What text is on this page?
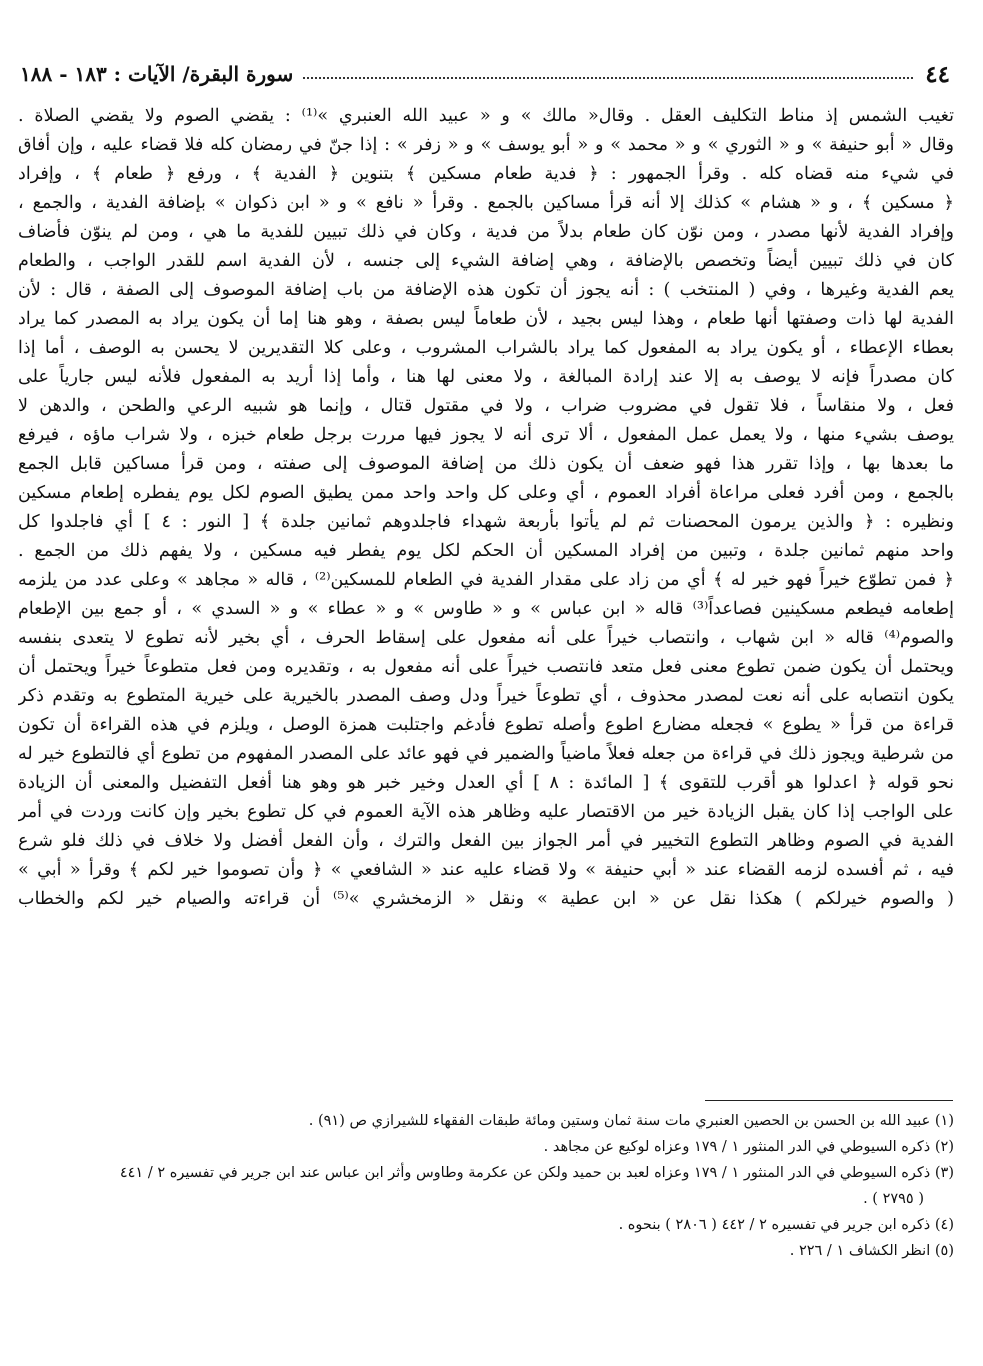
٤٤
سورة البقرة/ الآيات : ١٨٣ - ١٨٨
تغيب الشمس إذ مناط التكليف العقل . وقال« مالك » و « عبيد الله العنبري »⁽¹⁾ : يقضي الصوم ولا يقضي الصلاة .
وقال « أبو حنيفة » و « الثوري » و « محمد » و « أبو يوسف » و « زفر » : إذا جنّ في رمضان كله فلا قضاء عليه ، وإن أفاق
في شيء منه قضاه كله . وقرأ الجمهور : ﴿ فدية طعام مسكين ﴾ بتنوين ﴿ الفدية ﴾ ، ورفع ﴿ طعام ﴾ ، وإفراد
﴿ مسكين ﴾ ، و « هشام » كذلك إلا أنه قرأ مساكين بالجمع . وقرأ « نافع » و « ابن ذكوان » بإضافة الفدية ، والجمع ،
وإفراد الفدية لأنها مصدر ، ومن نوّن كان طعام بدلاً من فدية ، وكان في ذلك تبيين للفدية ما هي ، ومن لم ينوّن فأضاف
كان في ذلك تبيين أيضاً وتخصص بالإضافة ، وهي إضافة الشيء إلى جنسه ، لأن الفدية اسم للقدر الواجب ، والطعام
يعم الفدية وغيرها ، وفي ( المنتخب ) : أنه يجوز أن تكون هذه الإضافة من باب إضافة الموصوف إلى الصفة ، قال : لأن
الفدية لها ذات وصفتها أنها طعام ، وهذا ليس بجيد ، لأن طعاماً ليس بصفة ، وهو هنا إما أن يكون يراد به المصدر كما يراد
بعطاء الإعطاء ، أو يكون يراد به المفعول كما يراد بالشراب المشروب ، وعلى كلا التقديرين لا يحسن به الوصف ، أما إذا
كان مصدراً فإنه لا يوصف به إلا عند إرادة المبالغة ، ولا معنى لها هنا ، وأما إذا أريد به المفعول فلأنه ليس جارياً على
فعل ، ولا منقاساً ، فلا تقول في مضروب ضراب ، ولا في مقتول قتال ، وإنما هو شبيه الرعي والطحن ، والدهن لا
يوصف بشيء منها ، ولا يعمل عمل المفعول ، ألا ترى أنه لا يجوز فيها مررت برجل طعام خبزه ، ولا شراب ماؤه ، فيرفع
ما بعدها بها ، وإذا تقرر هذا فهو ضعف أن يكون ذلك من إضافة الموصوف إلى صفته ، ومن قرأ مساكين قابل الجمع
بالجمع ، ومن أفرد فعلى مراعاة أفراد العموم ، أي وعلى كل واحد واحد ممن يطيق الصوم لكل يوم يفطره إطعام مسكين
ونظيره : ﴿ والذين يرمون المحصنات ثم لم يأتوا بأربعة شهداء فاجلدوهم ثمانين جلدة ﴾ [ النور : ٤ ] أي فاجلدوا كل
واحد منهم ثمانين جلدة ، وتبين من إفراد المسكين أن الحكم لكل يوم يفطر فيه مسكين ، ولا يفهم ذلك من الجمع .
﴿ فمن تطوّع خيراً فهو خير له ﴾ أي من زاد على مقدار الفدية في الطعام للمسكين⁽²⁾ ، قاله « مجاهد » وعلى عدد من يلزمه
إطعامه فيطعم مسكينين فصاعداً⁽³⁾ قاله « ابن عباس » و « طاوس » و « عطاء » و « السدي » ، أو جمع بين الإطعام
والصوم⁽⁴⁾ قاله « ابن شهاب ، وانتصاب خيراً على أنه مفعول على إسقاط الحرف ، أي بخير لأنه تطوع لا يتعدى بنفسه
ويحتمل أن يكون ضمن تطوع معنى فعل متعد فانتصب خيراً على أنه مفعول به ، وتقديره ومن فعل متطوعاً خيراً ويحتمل أن
يكون انتصابه على أنه نعت لمصدر محذوف ، أي تطوعاً خيراً ودل وصف المصدر بالخيرية على خيرية المتطوع به وتقدم ذكر
قراءة من قرأ « يطوع » فجعله مضارع اطوع وأصله تطوع فأدغم واجتلبت همزة الوصل ، ويلزم في هذه القراءة أن تكون
من شرطية ويجوز ذلك في قراءة من جعله فعلاً ماضياً والضمير في فهو عائد على المصدر المفهوم من تطوع أي فالتطوع خير له
نحو قوله ﴿ اعدلوا هو أقرب للتقوى ﴾ [ المائدة : ٨ ] أي العدل وخير خبر هو وهو هنا أفعل التفضيل والمعنى أن الزيادة
على الواجب إذا كان يقبل الزيادة خير من الاقتصار عليه وظاهر هذه الآية العموم في كل تطوع بخير وإن كانت وردت في أمر
الفدية في الصوم وظاهر التطوع التخيير في أمر الجواز بين الفعل والترك ، وأن الفعل أفضل ولا خلاف في ذلك فلو شرع
فيه ، ثم أفسده لزمه القضاء عند « أبي حنيفة » ولا قضاء عليه عند « الشافعي » ﴿ وأن تصوموا خير لكم ﴾ وقرأ « أبي »
( والصوم خيرلكم ) هكذا نقل عن « ابن عطية » ونقل « الزمخشري »⁽⁵⁾ أن قراءته والصيام خير لكم والخطاب
(١) عبيد الله بن الحسن بن الحصين العنبري مات سنة ثمان وستين ومائة طبقات الفقهاء للشيرازي ص (٩١) .
(٢) ذكره السيوطي في الدر المنثور ١ / ١٧٩ وعزاه لوكيع عن مجاهد .
(٣) ذكره السيوطي في الدر المنثور ١ / ١٧٩ وعزاه لعبد بن حميد ولكن عن عكرمة وطاوس وأثر ابن عباس عند ابن جرير في تفسيره ٢ / ٤٤١
( ٢٧٩٥ ) .
(٤) ذكره ابن جرير في تفسيره ٢ / ٤٤٢ ( ٢٨٠٦ ) بنحوه .
(٥) انظر الكشاف ١ / ٢٢٦ .
